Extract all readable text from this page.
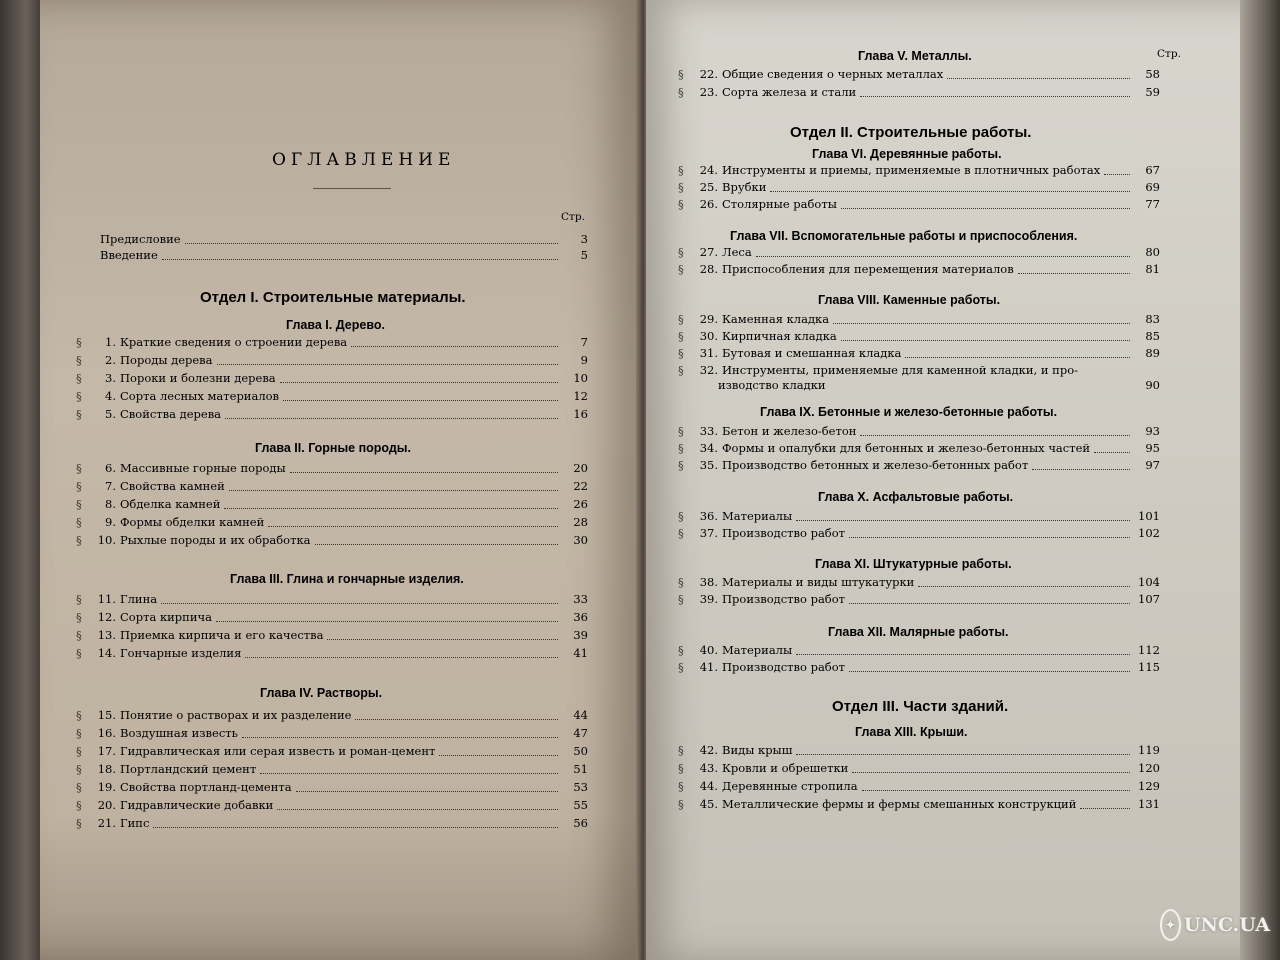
ОГЛАВЛЕНИЕ
Стр.
Отдел I. Строительные материалы.
Стр.
Отдел II. Строительные работы.
Отдел III. Части зданий.
Предисловие	3
Введение	5
Глава I. Дерево.
§	1. Краткие сведения о строении дерева	7
§	2. Породы дерева	9
§	3. Пороки и болезни дерева	10
§	4. Сорта лесных материалов	12
§	5. Свойства дерева	16
Глава II. Горные породы.
§	6. Массивные горные породы	20
§	7. Свойства камней	22
§	8. Обделка камней	26
§	9. Формы обделки камней	28
§	10. Рыхлые породы и их обработка	30
Глава III. Глина и гончарные изделия.
§	11. Глина	33
§	12. Сорта кирпича	36
§	13. Приемка кирпича и его качества	39
§	14. Гончарные изделия	41
Глава IV. Растворы.
§	15. Понятие о растворах и их разделение	44
§	16. Воздушная известь	47
§	17. Гидравлическая или серая известь и роман-цемент	50
§	18. Портландский цемент	51
§	19. Свойства портланд-цемента	53
§	20. Гидравлические добавки	55
§	21. Гипс	56
Глава V. Металлы.
§	22. Общие сведения о черных металлах	58
§	23. Сорта железа и стали	59
Глава VI. Деревянные работы.
§	24. Инструменты и приемы, применяемые в плотничных работах	67
§	25. Врубки	69
§	26. Столярные работы	77
Глава VII. Вспомогательные работы и приспособления.
§	27. Леса	80
§	28. Приспособления для перемещения материалов	81
Глава VIII. Каменные работы.
§	29. Каменная кладка	83
§	30. Кирпичная кладка	85
§	31. Бутовая и смешанная кладка	89
§	32. Инструменты, применяемые для каменной кладки, и про-
изводство кладки	90
Глава IX. Бетонные и железо-бетонные работы.
§	33. Бетон и железо-бетон	93
§	34. Формы и опалубки для бетонных и железо-бетонных частей	95
§	35. Производство бетонных и железо-бетонных работ	97
Глава X. Асфальтовые работы.
§	36. Материалы	101
§	37. Производство работ	102
Глава XI. Штукатурные работы.
§	38. Материалы и виды штукатурки	104
§	39. Производство работ	107
Глава XII. Малярные работы.
§	40. Материалы	112
§	41. Производство работ	115
Глава XIII. Крыши.
§	42. Виды крыш	119
§	43. Кровли и обрешетки	120
§	44. Деревянные стропила	129
§	45. Металлические фермы и фермы смешанных конструкций	131
✦ UNC.UA
